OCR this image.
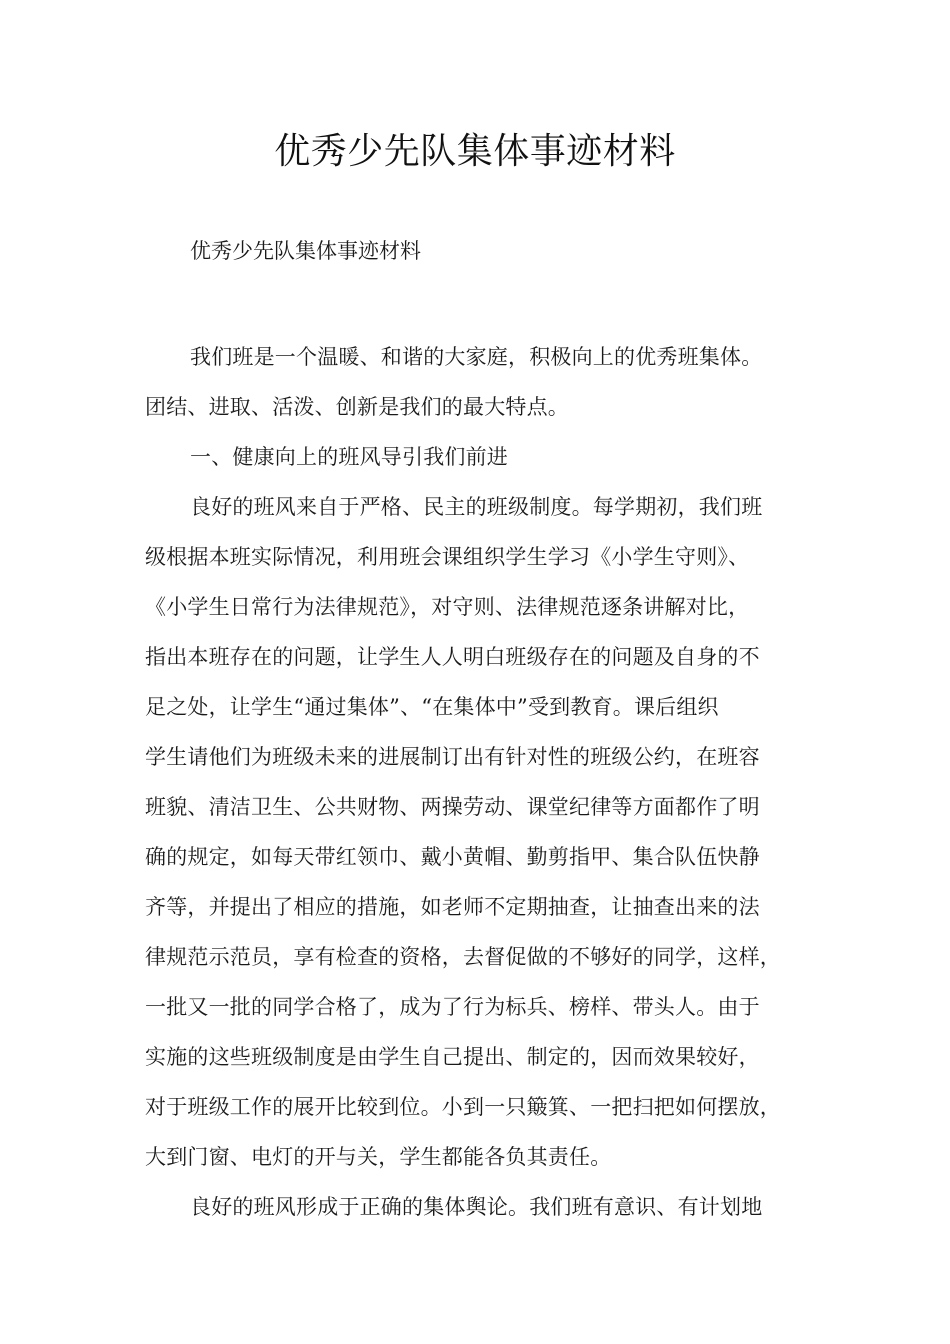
优秀少先队集体事迹材料
优秀少先队集体事迹材料
我们班是一个温暖、和谐的大家庭，积极向上的优秀班集体。
团结、进取、活泼、创新是我们的最大特点。
一、健康向上的班风导引我们前进
良好的班风来自于严格、民主的班级制度。每学期初，我们班
级根据本班实际情况，利用班会课组织学生学习《小学生守则》、
《小学生日常行为法律规范》，对守则、法律规范逐条讲解对比，
指出本班存在的问题，让学生人人明白班级存在的问题及自身的不
足之处，让学生“通过集体”、“在集体中”受到教育。课后组织
学生请他们为班级未来的进展制订出有针对性的班级公约，在班容
班貌、清洁卫生、公共财物、两操劳动、课堂纪律等方面都作了明
确的规定，如每天带红领巾、戴小黄帽、勤剪指甲、集合队伍快静
齐等，并提出了相应的措施，如老师不定期抽查，让抽查出来的法
律规范示范员，享有检查的资格，去督促做的不够好的同学，这样，
一批又一批的同学合格了，成为了行为标兵、榜样、带头人。由于
实施的这些班级制度是由学生自己提出、制定的，因而效果较好，
对于班级工作的展开比较到位。小到一只簸箕、一把扫把如何摆放，
大到门窗、电灯的开与关，学生都能各负其责任。
良好的班风形成于正确的集体舆论。我们班有意识、有计划地
